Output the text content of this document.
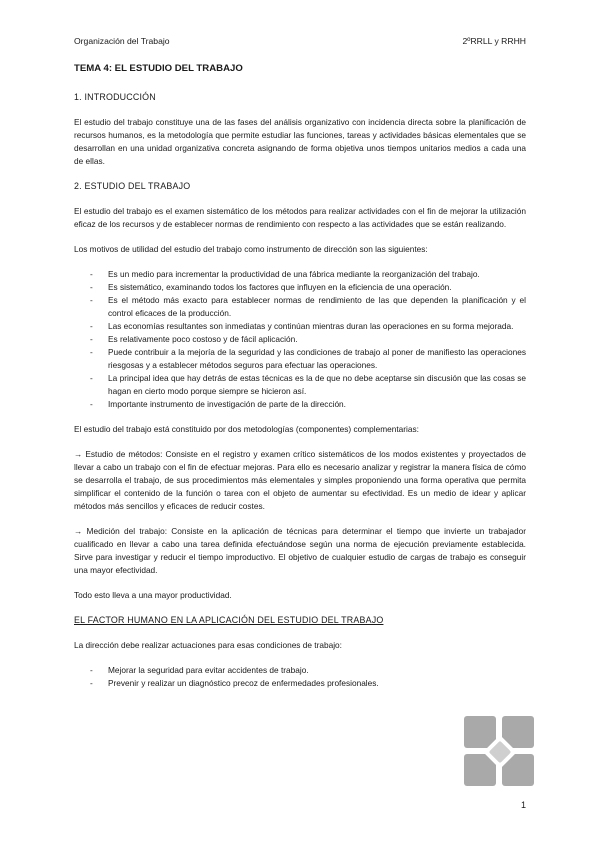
Organización del Trabajo	2ºRRLL y RRHH
TEMA 4: EL ESTUDIO DEL TRABAJO
1. INTRODUCCIÓN
El estudio del trabajo constituye una de las fases del análisis organizativo con incidencia directa sobre la planificación de recursos humanos, es la metodología que permite estudiar las funciones, tareas y actividades básicas elementales que se desarrollan en una unidad organizativa concreta asignando de forma objetiva unos tiempos unitarios medios a cada una de ellas.
2. ESTUDIO DEL TRABAJO
El estudio del trabajo es el examen sistemático de los métodos para realizar actividades con el fin de mejorar la utilización eficaz de los recursos y de establecer normas de rendimiento con respecto a las actividades que se están realizando.
Los motivos de utilidad del estudio del trabajo como instrumento de dirección son las siguientes:
- Es un medio para incrementar la productividad de una fábrica mediante la reorganización del trabajo.
- Es sistemático, examinando todos los factores que influyen en la eficiencia de una operación.
- Es el método más exacto para establecer normas de rendimiento de las que dependen la planificación y el control eficaces de la producción.
- Las economías resultantes son inmediatas y continúan mientras duran las operaciones en su forma mejorada.
- Es relativamente poco costoso y de fácil aplicación.
- Puede contribuir a la mejoría de la seguridad y las condiciones de trabajo al poner de manifiesto las operaciones riesgosas y a establecer métodos seguros para efectuar las operaciones.
- La principal idea que hay detrás de estas técnicas es la de que no debe aceptarse sin discusión que las cosas se hagan en cierto modo porque siempre se hicieron así.
- Importante instrumento de investigación de parte de la dirección.
El estudio del trabajo está constituido por dos metodologías (componentes) complementarias:
→ Estudio de métodos: Consiste en el registro y examen crítico sistemáticos de los modos existentes y proyectados de llevar a cabo un trabajo con el fin de efectuar mejoras. Para ello es necesario analizar y registrar la manera física de cómo se desarrolla el trabajo, de sus procedimientos más elementales y simples proponiendo una forma operativa que permita simplificar el contenido de la función o tarea con el objeto de aumentar su efectividad. Es un medio de idear y aplicar métodos más sencillos y eficaces de reducir costes.
→ Medición del trabajo: Consiste en la aplicación de técnicas para determinar el tiempo que invierte un trabajador cualificado en llevar a cabo una tarea definida efectuándose según una norma de ejecución previamente establecida. Sirve para investigar y reducir el tiempo improductivo. El objetivo de cualquier estudio de cargas de trabajo es conseguir una mayor efectividad.
Todo esto lleva a una mayor productividad.
EL FACTOR HUMANO EN LA APLICACIÓN DEL ESTUDIO DEL TRABAJO
La dirección debe realizar actuaciones para esas condiciones de trabajo:
- Mejorar la seguridad para evitar accidentes de trabajo.
- Prevenir y realizar un diagnóstico precoz de enfermedades profesionales.
1
